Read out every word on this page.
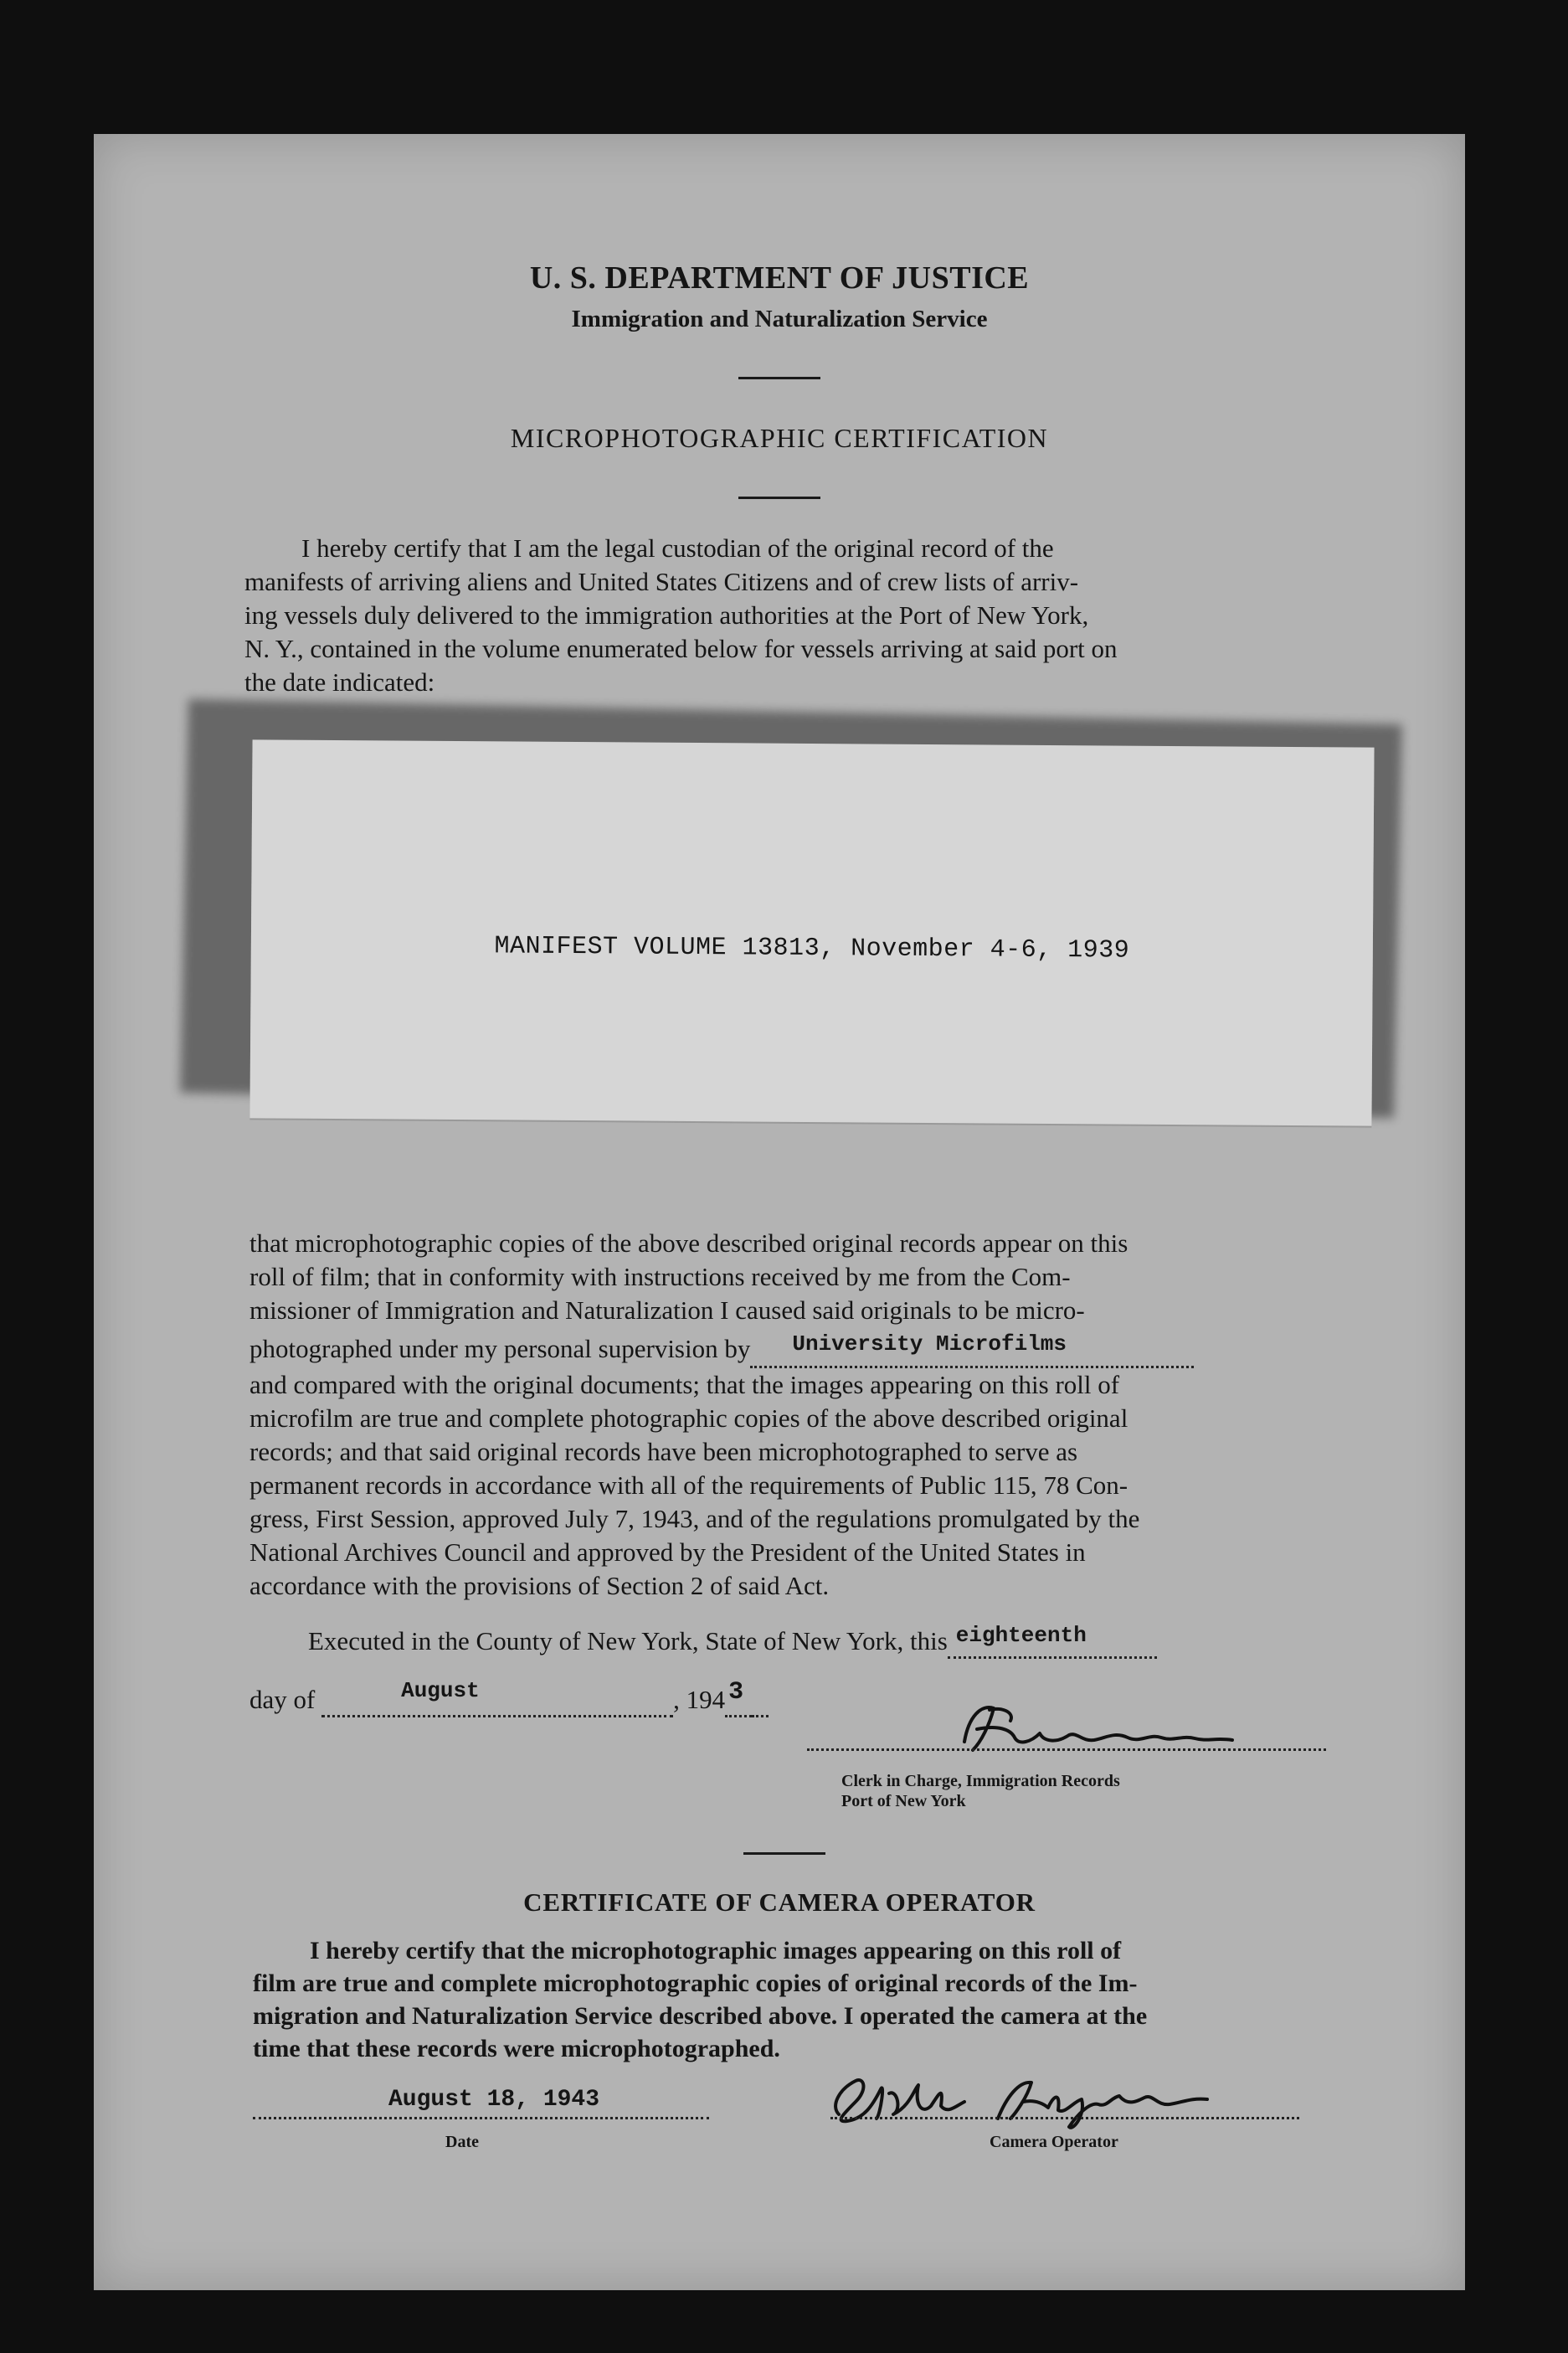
U. S. DEPARTMENT OF JUSTICE
Immigration and Naturalization Service
MICROPHOTOGRAPHIC CERTIFICATION
I hereby certify that I am the legal custodian of the original record of the
manifests of arriving aliens and United States Citizens and of crew lists of arriv-
ing vessels duly delivered to the immigration authorities at the Port of New York,
N. Y., contained in the volume enumerated below for vessels arriving at said port on
the date indicated:
MANIFEST VOLUME 13813, November 4-6, 1939
that microphotographic copies of the above described original records appear on this
roll of film; that in conformity with instructions received by me from the Com-
missioner of Immigration and Naturalization I caused said originals to be micro-
photographed under my personal supervision by University Microfilms

and compared with the original documents; that the images appearing on this roll of
microfilm are true and complete photographic copies of the above described original
records; and that said original records have been microphotographed to serve as
permanent records in accordance with all of the requirements of Public 115, 78 Con-
gress, First Session, approved July 7, 1943, and of the regulations promulgated by the
National Archives Council and approved by the President of the United States in
accordance with the provisions of Section 2 of said Act.
Executed in the County of New York, State of New York, this eighteenth

day of	August	, 194 3

Clerk in Charge, Immigration Records
Port of New York
CERTIFICATE OF CAMERA OPERATOR
I hereby certify that the microphotographic images appearing on this roll of
film are true and complete microphotographic copies of original records of the Im-
migration and Naturalization Service described above. I operated the camera at the
time that these records were microphotographed.
August 18, 1943
Date	Camera Operator
